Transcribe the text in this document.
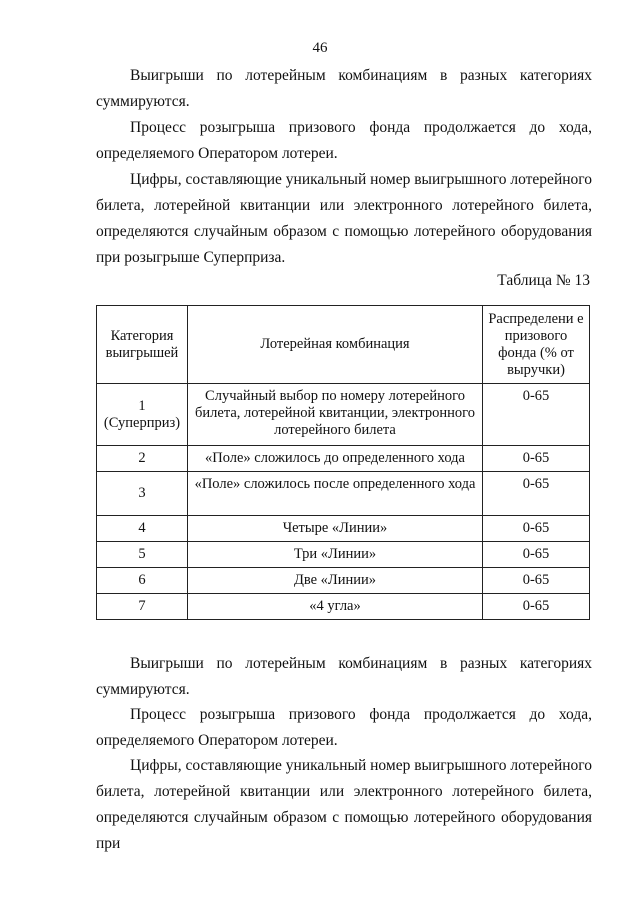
46

Выигрыши по лотерейным комбинациям в разных категориях
суммируются.

Процесс розыгрыша призового фонда продолжается до хода,
определяемого Оператором лотереи.

Цифры, составляющие уникальный номер выигрышного лотерейного
билета, лотерейной квитанции или электронного лотерейного билета, определяются случайным образом с помощью лотерейного оборудования при розыгрыше Суперприза.

Таблица № 13
Категория выигрышей	Лотерейная комбинация	Распределени е призового фонда (% от выручки)
1 (Суперприз)	Случайный выбор по номеру лотерейного билета, лотерейной квитанции, электронного лотерейного билета	0-65
2	«Поле» сложилось до определенного хода	0-65
3	«Поле» сложилось после определенного хода	0-65
4	Четыре «Линии»	0-65
5	Три «Линии»	0-65
6	Две «Линии»	0-65
7	«4 угла»	0-65

Выигрыши по лотерейным комбинациям в разных категориях
суммируются.

Процесс розыгрыша призового фонда продолжается до хода,
определяемого Оператором лотереи.

Цифры, составляющие уникальный номер выигрышного лотерейного
билета, лотерейной квитанции или электронного лотерейного билета, определяются случайным образом с помощью лотерейного оборудования при
